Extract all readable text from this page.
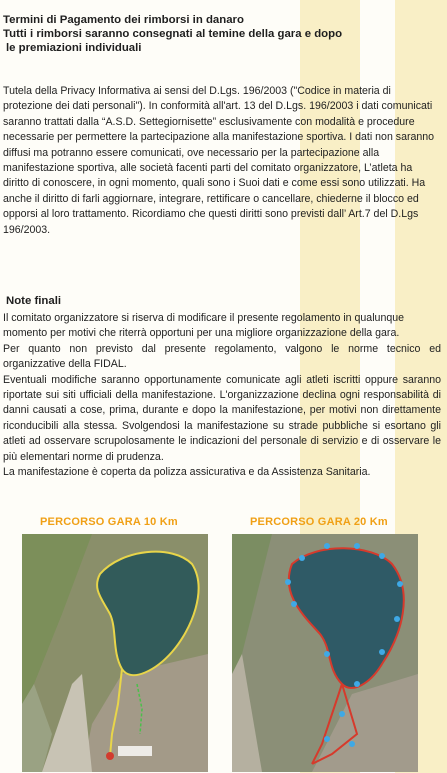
Termini di Pagamento dei rimborsi in danaro
Tutti i rimborsi saranno consegnati al temine della gara e dopo
le premiazioni individuali
Tutela della Privacy Informativa ai sensi del D.Lgs. 196/2003 ("Codice in materia di protezione dei dati personali"). In conformità all'art. 13 del D.Lgs. 196/2003 i dati comunicati saranno trattati dalla “A.S.D. Settegiornisette” esclusivamente con modalità e procedure necessarie per permettere la partecipazione alla manifestazione sportiva. I dati non saranno diffusi ma potranno essere comunicati, ove necessario per la partecipazione alla manifestazione sportiva, alle società facenti parti del comitato organizzatore, L’atleta ha diritto di conoscere, in ogni momento, quali sono i Suoi dati e come essi sono utilizzati. Ha anche il diritto di farli aggiornare, integrare, rettificare o cancellare, chiederne il blocco ed opporsi al loro trattamento. Ricordiamo che questi diritti sono previsti dall’ Art.7 del D.Lgs 196/2003.
Note finali
Il comitato organizzatore si riserva di modificare il presente regolamento in qualunque momento per motivi che riterrà opportuni per una migliore organizzazione della gara.
Per quanto non previsto dal presente regolamento, valgono le norme tecnico ed organizzative della FIDAL.
Eventuali modifiche saranno opportunamente comunicate agli atleti iscritti oppure saranno riportate sui siti ufficiali della manifestazione. L'organizzazione declina ogni responsabilità di danni causati a cose, prima, durante e dopo la manifestazione, per motivi non direttamente riconducibili alla stessa. Svolgendosi la manifestazione su strade pubbliche si esortano gli atleti ad osservare scrupolosamente le indicazioni del personale di servizio e di osservare le più elementari norme di prudenza.
La manifestazione è coperta da polizza assicurativa e da Assistenza Sanitaria.
PERCORSO GARA 10 Km	PERCORSO GARA 20 Km
